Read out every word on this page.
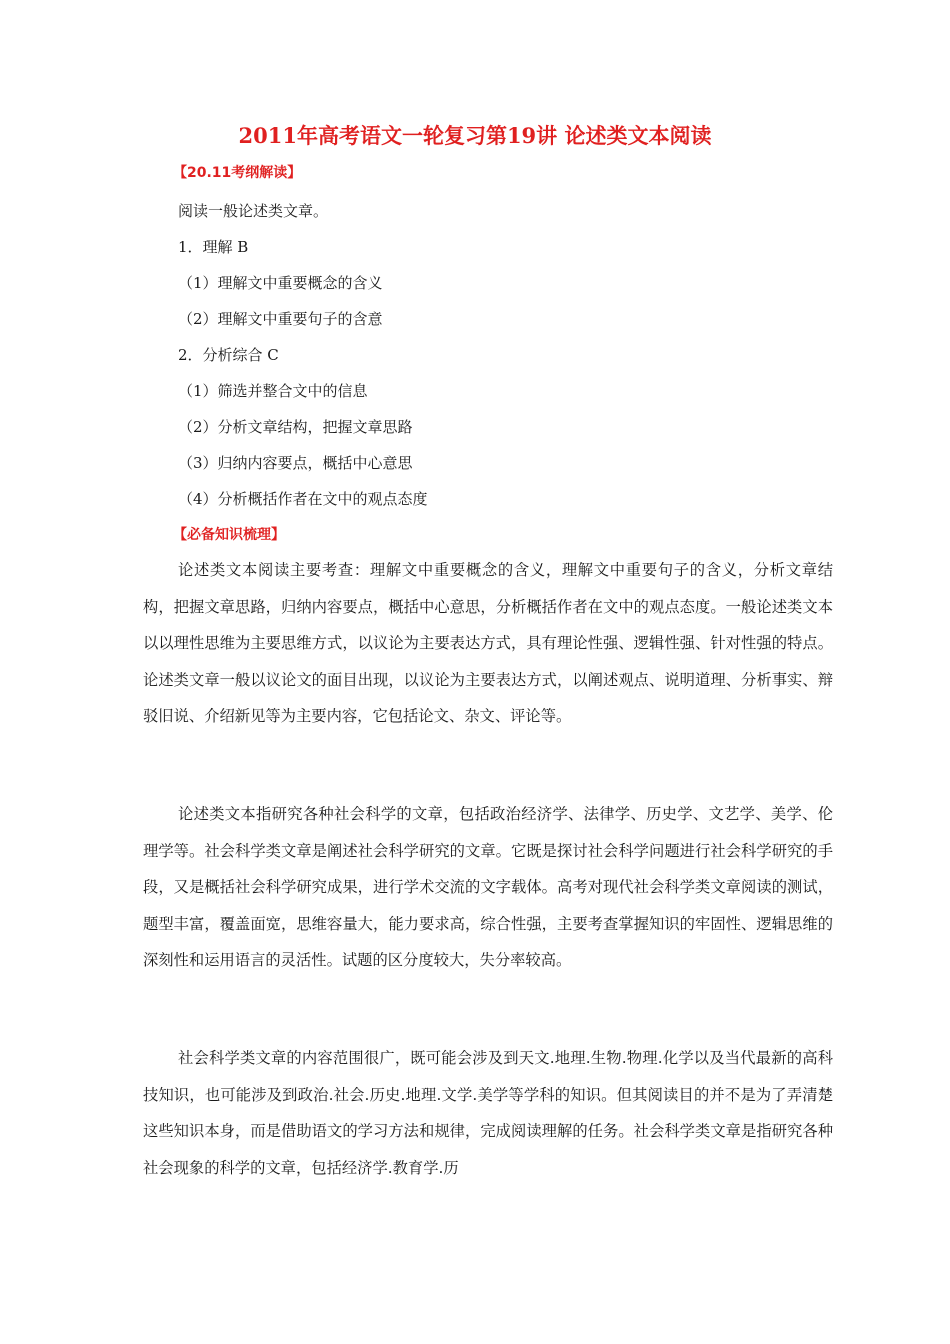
2011年高考语文一轮复习第19讲 论述类文本阅读
【20.11考纲解读】

阅读一般论述类文章。

1．理解 B

（1）理解文中重要概念的含义

（2）理解文中重要句子的含意

2．分析综合 C

（1）筛选并整合文中的信息

（2）分析文章结构，把握文章思路

（3）归纳内容要点，概括中心意思

（4）分析概括作者在文中的观点态度

【必备知识梳理】

论述类文本阅读主要考查：理解文中重要概念的含义，理解文中重要句子的含义，分析文章结构，把握文章思路，归纳内容要点，概括中心意思，分析概括作者在文中的观点态度。一般论述类文本以以理性思维为主要思维方式，以议论为主要表达方式，具有理论性强、逻辑性强、针对性强的特点。论述类文章一般以议论文的面目出现，以议论为主要表达方式，以阐述观点、说明道理、分析事实、辩驳旧说、介绍新见等为主要内容，它包括论文、杂文、评论等。

论述类文本指研究各种社会科学的文章，包括政治经济学、法律学、历史学、文艺学、美学、伦理学等。社会科学类文章是阐述社会科学研究的文章。它既是探讨社会科学问题进行社会科学研究的手段，又是概括社会科学研究成果，进行学术交流的文字载体。高考对现代社会科学类文章阅读的测试，题型丰富，覆盖面宽，思维容量大，能力要求高，综合性强，主要考查掌握知识的牢固性、逻辑思维的深刻性和运用语言的灵活性。试题的区分度较大，失分率较高。

社会科学类文章的内容范围很广，既可能会涉及到天文.地理.生物.物理.化学以及当代最新的高科技知识，也可能涉及到政治.社会.历史.地理.文学.美学等学科的知识。但其阅读目的并不是为了弄清楚这些知识本身，而是借助语文的学习方法和规律，完成阅读理解的任务。社会科学类文章是指研究各种社会现象的科学的文章，包括经济学.教育学.历
